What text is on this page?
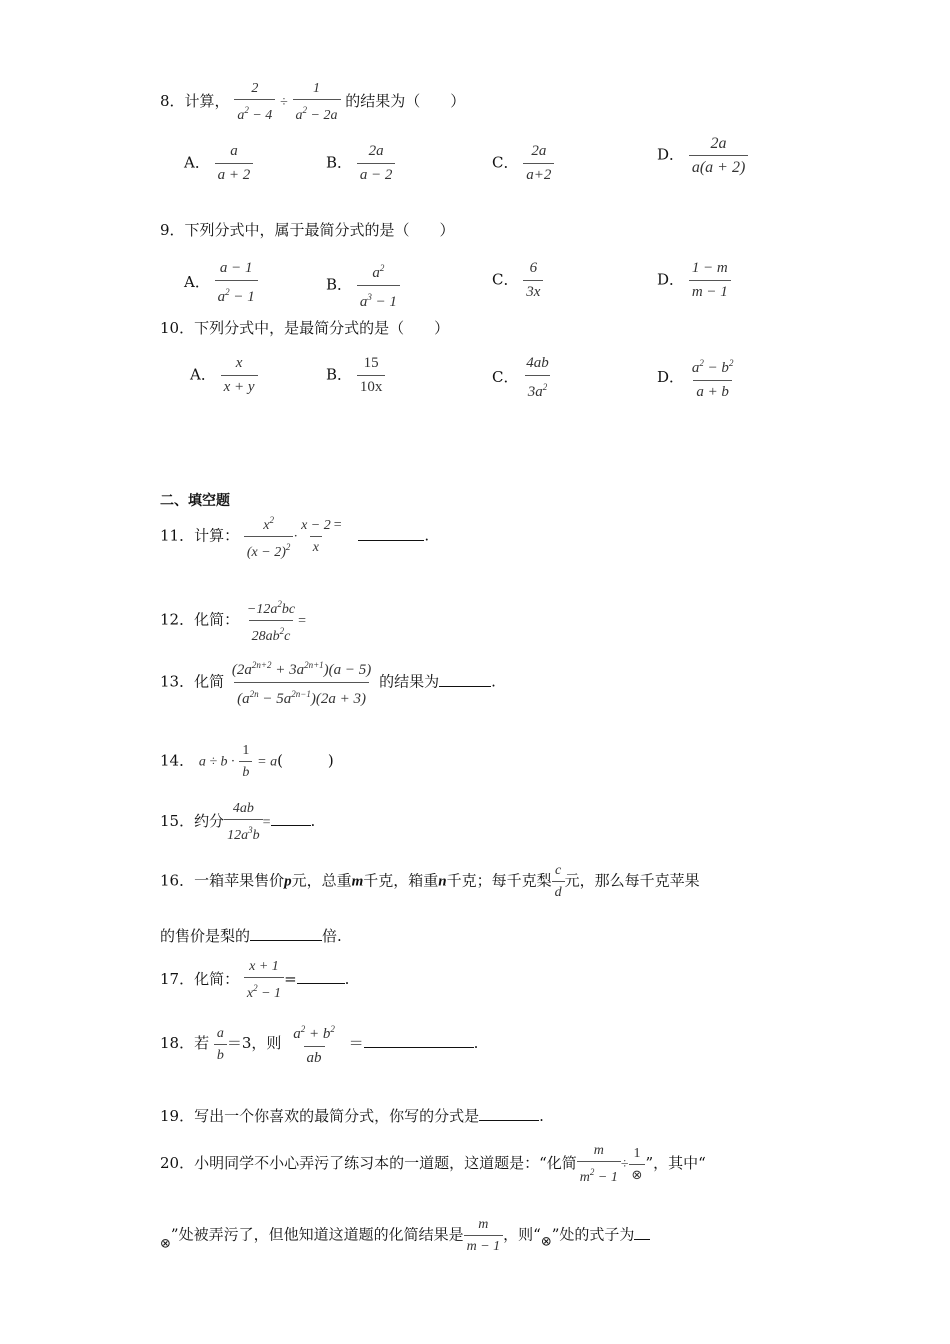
8．计算， $\frac{2}{a^2 - 4} \div \frac{1}{a^2 - 2a}$ 的结果为（　　）
A． $\frac{a}{a + 2}$	B． $\frac{2a}{a - 2}$	C． $\frac{2a}{a+2}$	D． $\frac{2a}{a(a + 2)}$
9．下列分式中，属于最简分式的是（　　）
A． $\frac{a - 1}{a^2 - 1}$	B． $\frac{a^2}{a^3 - 1}$	C． $\frac{6}{3x}$	D． $\frac{1 - m}{m - 1}$
10．下列分式中，是最简分式的是（　　）
A． $\frac{x}{x + y}$	B． $\frac{15}{10x}$	C． $\frac{4ab}{3a^2}$	D． $\frac{a^2 - b^2}{a + b}$
二、填空题
11．计算： $\frac{x^2}{(x - 2)^2} \cdot \frac{x - 2}{x}$ = .
12．化简： $\frac{-12a^2bc}{28ab^2c}$ =
13．化简 $\frac{(2a^{2n+2} + 3a^{2n+1})(a - 5)}{(a^{2n} - 5a^{2n-1})(2a + 3)}$ 的结果为	.
14． $a \div b \cdot \frac{1}{b} = a$(　　　)
15．约分 $\frac{4ab}{12a^3b}$ =	.
16．一箱苹果售价p元，总重m千克，箱重n千克；每千克梨 $\frac{c}{d}$ 元，那么每千克苹果
的售价是梨的	倍.
17．化简： $\frac{x + 1}{x^2 - 1}$ =	.
18．若 $\frac{a}{b} =3$，则 $\frac{a^2 + b^2}{ab}$ ＝	.
19．写出一个你喜欢的最简分式，你写的分式是	.
20．小明同学不小心弄污了练习本的一道题，这道题是：“化简 $\frac{m}{m^2 - 1} \div \frac{1}{\otimes}$ ”，其中“
⊗”处被弄污了，但他知道这道题的化简结果是 $\frac{m}{m - 1}$ ，则“⊗”处的式子为
